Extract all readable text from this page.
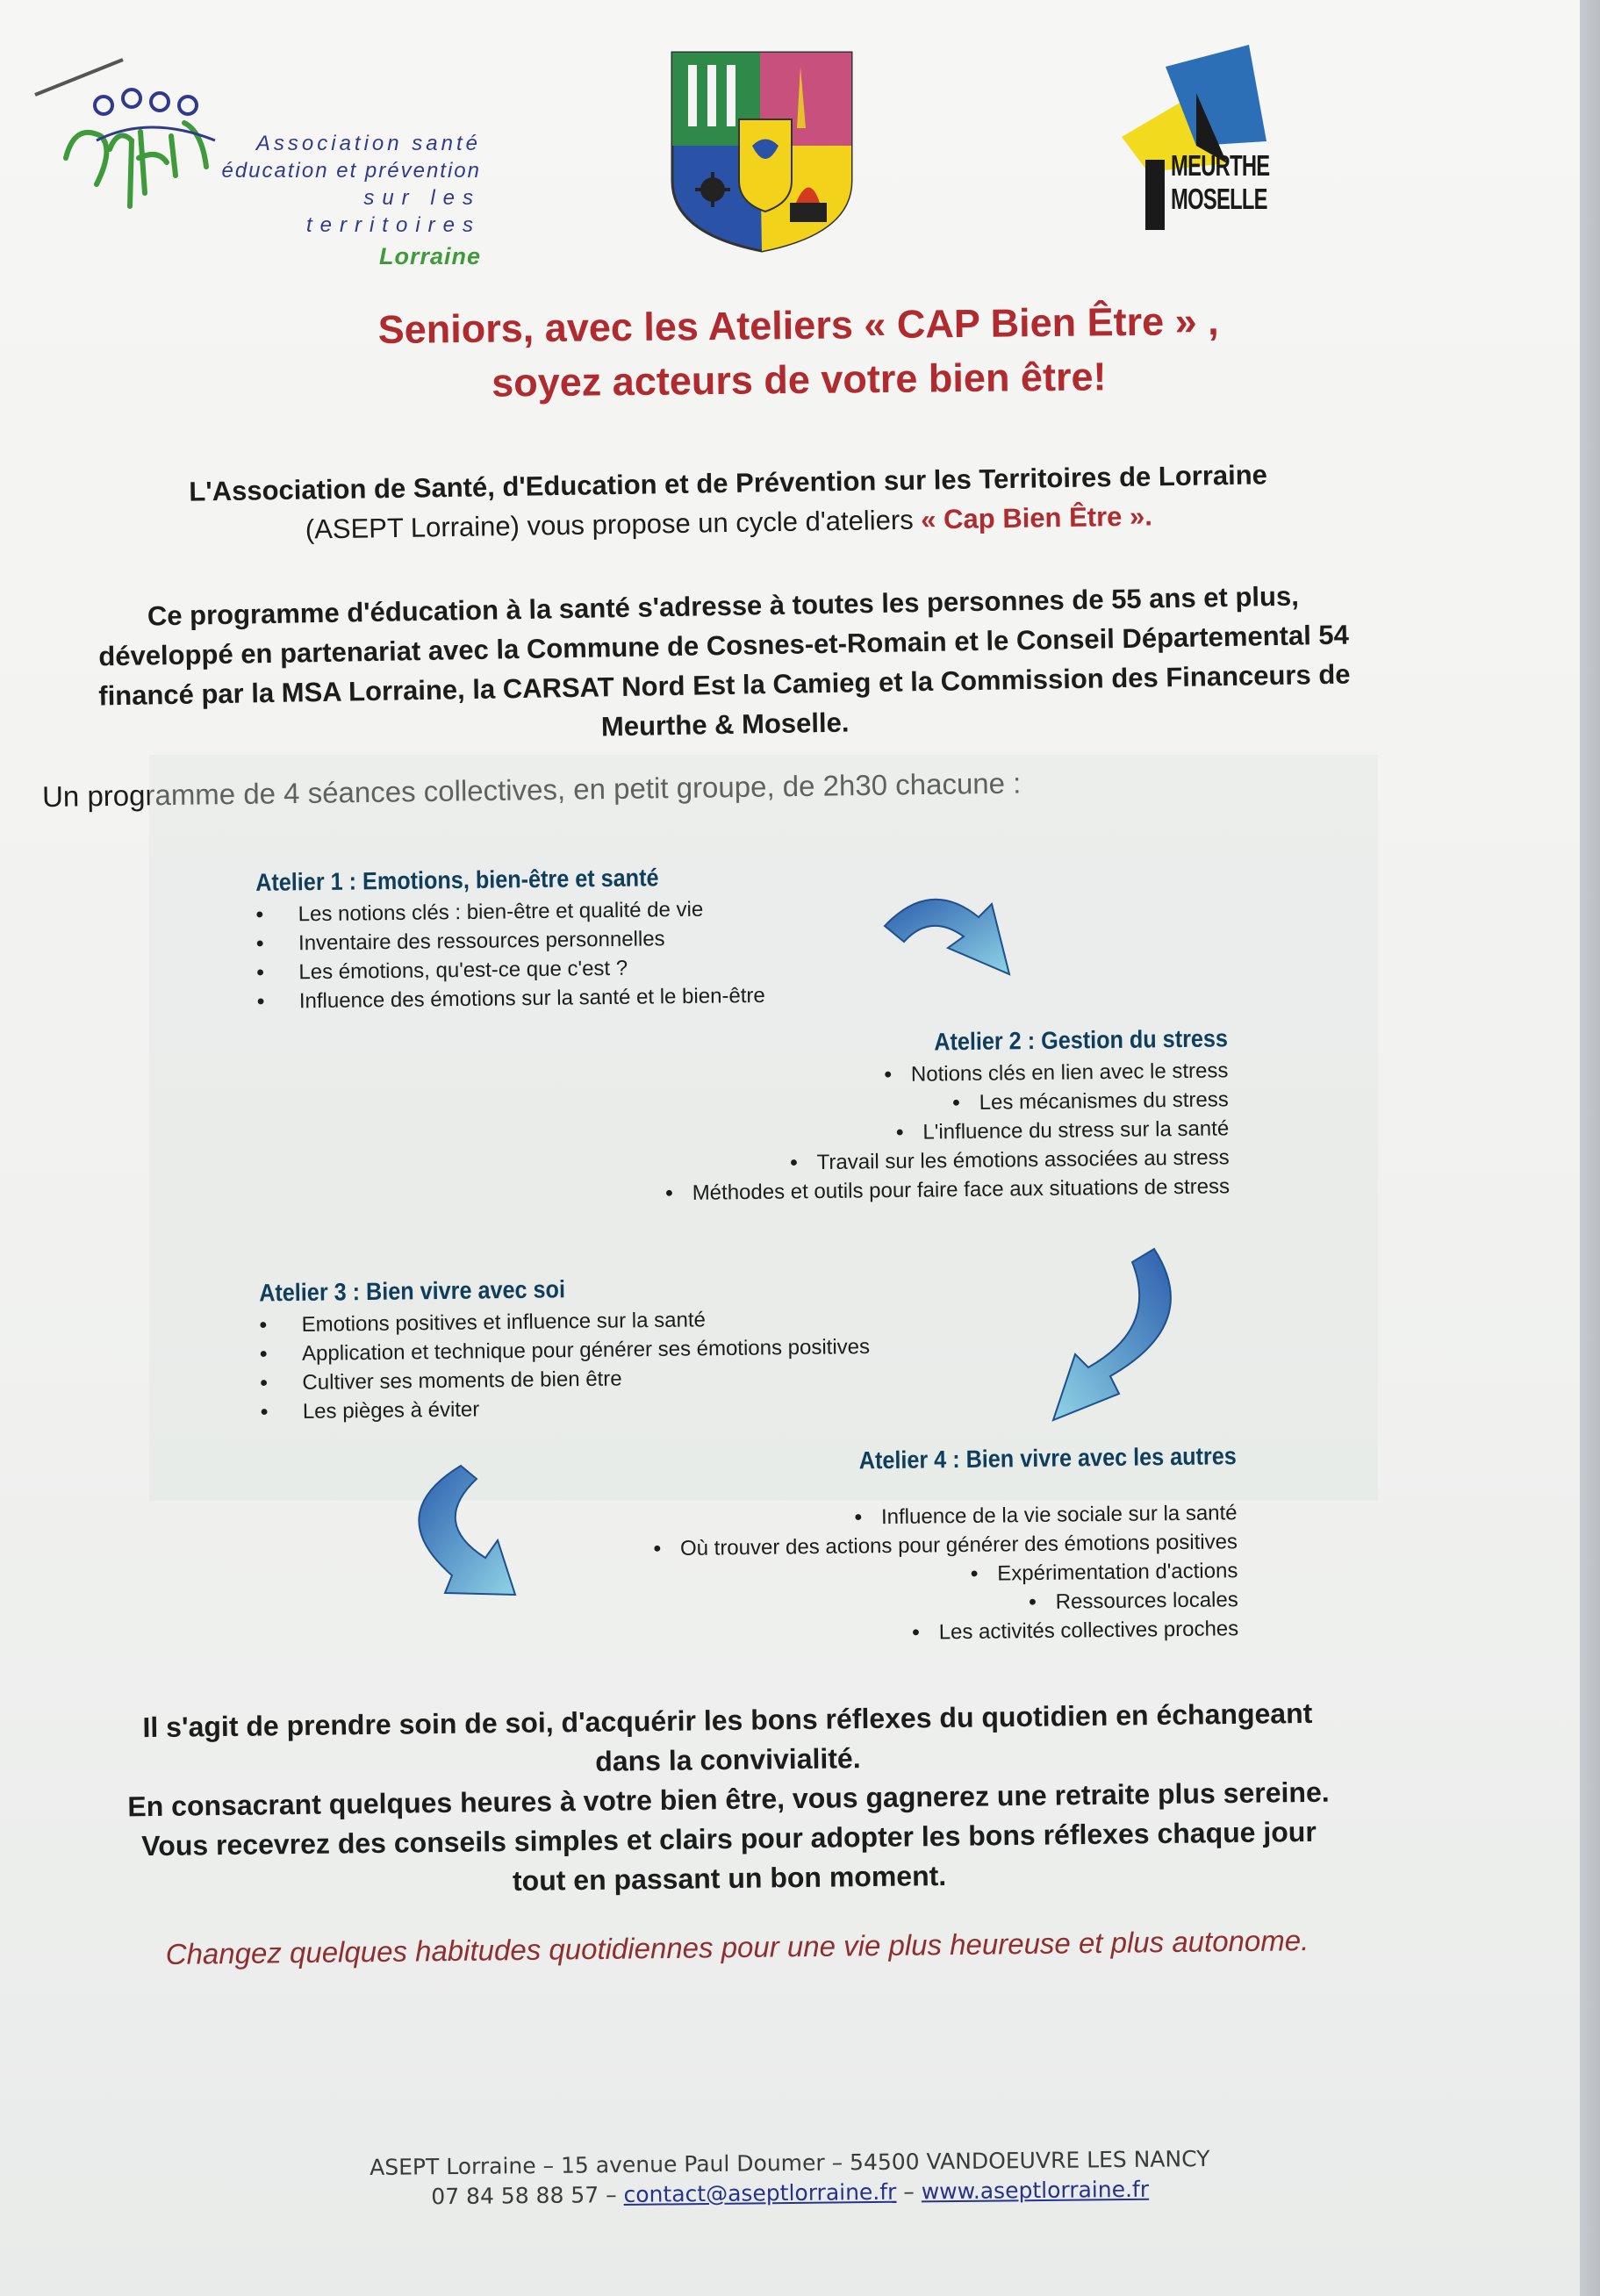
Association santé
éducation et prévention
sur les territoires
Lorraine
MEURTHE
MOSELLE
Seniors, avec les Ateliers « CAP Bien Être » ,
soyez acteurs de votre bien être!
L'Association de Santé, d'Education et de Prévention sur les Territoires de Lorraine
(ASEPT Lorraine) vous propose un cycle d'ateliers « Cap Bien Être ».
Ce programme d'éducation à la santé s'adresse à toutes les personnes de 55 ans et plus,
développé en partenariat avec la Commune de Cosnes-et-Romain et le Conseil Départemental 54
financé par la MSA Lorraine, la CARSAT Nord Est la Camieg et la Commission des Financeurs de
Meurthe & Moselle.
Un programme de 4 séances collectives, en petit groupe, de 2h30 chacune :
Atelier 1 : Emotions, bien-être et santé
• Les notions clés : bien-être et qualité de vie
• Inventaire des ressources personnelles
• Les émotions, qu'est-ce que c'est ?
• Influence des émotions sur la santé et le bien-être
Atelier 2 : Gestion du stress
• Notions clés en lien avec le stress
• Les mécanismes du stress
• L'influence du stress sur la santé
• Travail sur les émotions associées au stress
• Méthodes et outils pour faire face aux situations de stress
Atelier 3 : Bien vivre avec soi
• Emotions positives et influence sur la santé
• Application et technique pour générer ses émotions positives
• Cultiver ses moments de bien être
• Les pièges à éviter
Atelier 4 : Bien vivre avec les autres
• Influence de la vie sociale sur la santé
• Où trouver des actions pour générer des émotions positives
• Expérimentation d'actions
• Ressources locales
• Les activités collectives proches

Il s'agit de prendre soin de soi, d'acquérir les bons réflexes du quotidien en échangeant

dans la convivialité.

En consacrant quelques heures à votre bien être, vous gagnerez une retraite plus sereine.

Vous recevrez des conseils simples et clairs pour adopter les bons réflexes chaque jour

tout en passant un bon moment.

Changez quelques habitudes quotidiennes pour une vie plus heureuse et plus autonome.
ASEPT Lorraine – 15 avenue Paul Doumer – 54500 VANDOEUVRE LES NANCY
07 84 58 88 57 – contact@aseptlorraine.fr – www.aseptlorraine.fr
